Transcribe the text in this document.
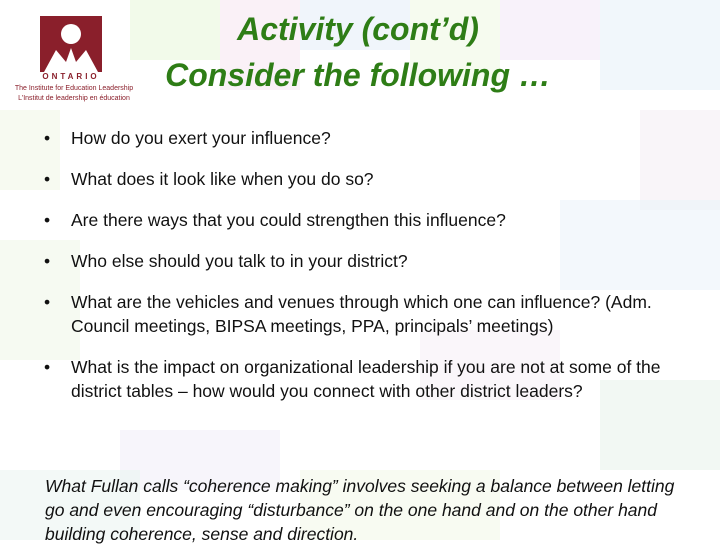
ONTARIO
The Institute for Education Leadership
L’Institut de leadership en éducation
Activity (cont’d)
Consider the following …
• How do you exert your influence?
• What does it look like when you do so?
• Are there ways that you could strengthen this influence?
• Who else should you talk to in your district?
• What are the vehicles and venues through which one can influence? (Adm. Council meetings, BIPSA meetings, PPA, principals’ meetings)
• What is the impact on organizational leadership if you are not at some of the district tables – how would you connect with other district leaders?
What Fullan calls “coherence making” involves seeking a balance between letting go and even encouraging “disturbance” on the one hand and on the other hand building coherence, sense and direction.
